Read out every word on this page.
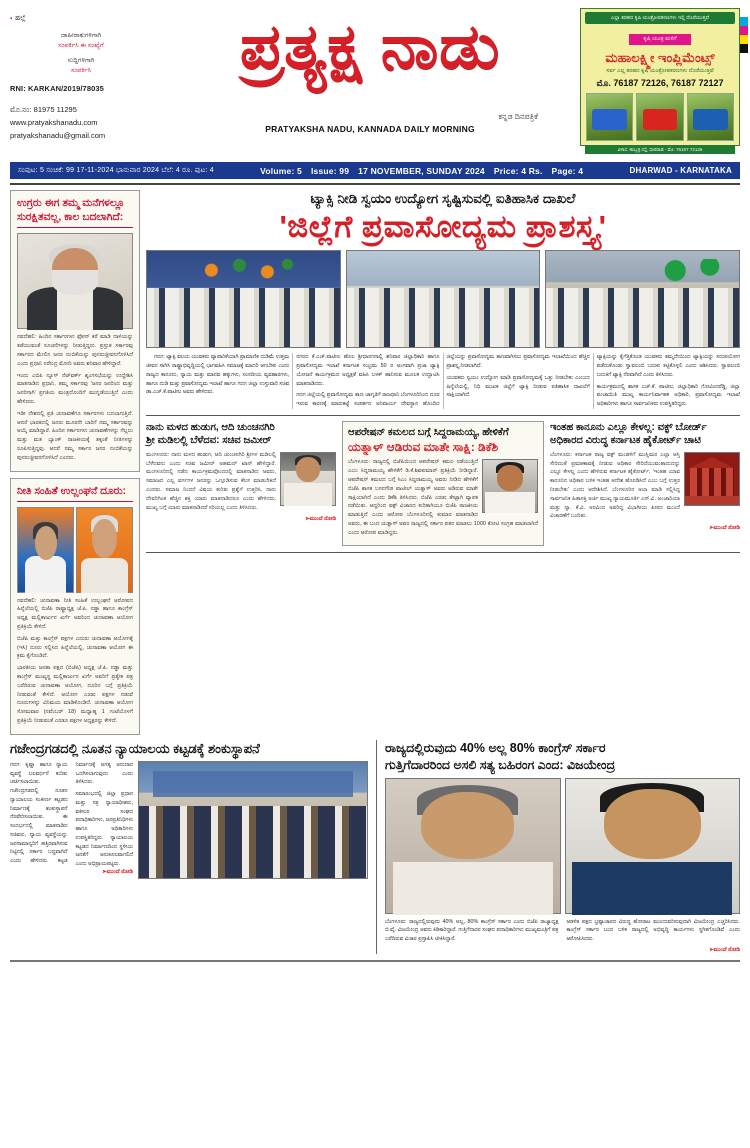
▪ ಹಲ್ಲೆ
ಜಾಹೀರಾತುಗಳಿಗಾಗಿ
ಸಂಪರ್ಕಿಸಿ ಈ ಸಂಖ್ಯೆಗೆ
ಸುದ್ದಿಗಳಿಗಾಗಿ
ಸಂಪರ್ಕಿಸಿ
RNI: KARKAN/2019/78035
ಮೊ.ನಂ: 81975 11295
www.pratyakshanadu.com
pratyakshanadu@gmail.com
ಪ್ರತ್ಯಕ್ಷ ನಾಡು
ಕನ್ನಡ ದಿನಪತ್ರಿಕೆ
PRATYAKSHA NADU, KANNADA DAILY MORNING
ಎಲ್ಲಾ ತರಹದ ಕೃಷಿ ಯಂತ್ರೋಪಕರಣಗಳು ಇಲ್ಲಿ ದೊರೆಯುತ್ತವೆ
ಕೃಷಿ ಯಂತ್ರ ಮಳಿಗೆ
ಮಹಾಲಕ್ಷ್ಮೀ ಇಂಪ್ಲಿಮೆಂಟ್ಸ್
ಸರ್ವ ಎಲ್ಲ ತರಹದ ಕೃಷಿ ಯಂತ್ರೋಪಕರಣಗಳು ದೊರೆಯುತ್ತವೆ
ಮೊ. 76187 72126, 76187 72127
ವಿಳಾಸ: ಹುಬ್ಬಳ್ಳಿ ರಸ್ತೆ, ಧಾರವಾಡ - ಮೊ: 76187 72126
ಸಂಪುಟ: 5 ಸಂಚಿಕೆ: 99 17-11-2024 ಭಾನುವಾರ 2024 ಬೆಲೆ: 4 ರೂ. ಪುಟ: 4	Volume: 5 Issue: 99 17 NOVEMBER, SUNDAY 2024 Price: 4 Rs. Page: 4	DHARWAD - KARNATAKA
ಉಗ್ರರು ಈಗ ತಮ್ಮ ಮನೆಗಳಲ್ಲೂ ಸುರಕ್ಷಿತವಲ್ಲ, ಕಾಲ ಬದಲಾಗಿದೆ:

ನವದೆಹಲಿ: ಹಿಂದಿನ ಸರ್ಕಾರಗಳು ಫೋನ್ ಕರೆ ಮಾಡಿ ದಾಳಿಯನ್ನು ತಡೆಯುವಂತೆ ಸೂಚನೆಗಳನ್ನು ನೀಡುತ್ತಿದ್ದರು. ಪ್ರಸ್ತುತ ಸರ್ಕಾರವು ಸರ್ಕಾರದ ಮೇಲಿನ ಜನರ ನಂಬಿಕೆಯನ್ನು ಪುನರುಜ್ಜೀವನಗೊಳಿಸಿದೆ ಎಂದು ಪ್ರಧಾನಿ ನರೇಂದ್ರ ಮೋದಿ ಅವರು ಶನಿವಾರ ಹೇಳಿದ್ದಾರೆ.

ಇಂದು ಎಬಿಪಿ ನ್ಯೂಸ್ ನೆಟ್‌ವರ್ಕ್ ಶೃಂಗಸಭೆಯನ್ನು ಉದ್ದೇಶಿಸಿ ಮಾತನಾಡಿದ ಪ್ರಧಾನಿ, ತಮ್ಮ ಸರ್ಕಾರವು 'ಜನರ ಜನರಿಂದ ಮತ್ತು ಜನರಿಗಾಗಿ' ಪ್ರಗತಿಯ ಮಂತ್ರದೊಂದಿಗೆ ಮುನ್ನಡೆಯುತ್ತಿದೆ ಎಂದು ಹೇಳಿದರು.

ಇಡೀ ದೇಶದಲ್ಲಿ ಪ್ರತಿ ಚುನಾವಣೆಗೂ ಸರ್ಕಾರಗಳು ಬದಲಾಗುತ್ತಿದೆ. ಆದರೆ ಭಾರತದಲ್ಲಿ ಜನರು ಮೂರನೇ ಬಾರಿಗೆ ನಮ್ಮ ಸರ್ಕಾರವನ್ನು ಆಯ್ಕೆ ಮಾಡಿದ್ದಾರೆ. ಹಿಂದಿನ ಸರ್ಕಾರಗಳು ಚುನಾವಣೆಗಳನ್ನು ಗೆಲ್ಲಲು ಮತ್ತು ಮತ ಬ್ಯಾಂಕ್ ರಾಜಕೀಯಕ್ಕೆ ತಕ್ಕಂತೆ ನೀತಿಗಳನ್ನು ರೂಪಿಸುತ್ತಿದ್ದವು. ಆದರೆ ನಮ್ಮ ಸರ್ಕಾರ ಜನರ ನಂಬಿಕೆಯನ್ನು ಪುನರುಜ್ಜೀವನಗೊಳಿಸಿದೆ ಎಂದರು.

ನೀತಿ ಸಂಹಿತೆ ಉಲ್ಲಂಘನೆ ದೂರು:

ನವದೆಹಲಿ: ಚುನಾವಣಾ ನೀತಿ ಸಂಹಿತೆ ಉಲ್ಲಂಘನೆ ಆರೋಪದ ಹಿನ್ನೆಲೆಯಲ್ಲಿ ಬಿಜೆಪಿ ರಾಷ್ಟ್ರಾಧ್ಯಕ್ಷ ಜೆ.ಪಿ. ನಡ್ಡಾ ಹಾಗೂ ಕಾಂಗ್ರೆಸ್ ಅಧ್ಯಕ್ಷ ಮಲ್ಲಿಕಾರ್ಜುನ ಖರ್ಗೆ ಅವರಿಂದ ಚುನಾವಣಾ ಆಯೋಗ ಪ್ರತಿಕ್ರಿಯೆ ಕೇಳಿದೆ.

ಬಿಜೆಪಿ ಮತ್ತು ಕಾಂಗ್ರೆಸ್ ಪಕ್ಷಗಳ ಎದುರು ಚುನಾವಣಾ ಆಯೋಗಕ್ಕೆ (ಇಸಿ) ದೂರು ಸಲ್ಲಿಸಿದ ಹಿನ್ನೆಲೆಯಲ್ಲಿ, ಚುನಾವಣಾ ಆಯೋಗ ಈ ಕ್ರಮ ಕೈಗೊಂಡಿದೆ.

ಭಾರತೀಯ ಜನತಾ ಪಕ್ಷದ (ಬಿಜೆಪಿ) ಅಧ್ಯಕ್ಷ ಜೆ.ಪಿ. ನಡ್ಡಾ ಮತ್ತು ಕಾಂಗ್ರೆಸ್ ಮುಖ್ಯಸ್ಥ ಮಲ್ಲಿಕಾರ್ಜುನ ಖರ್ಗೆ ಅವರಿಗೆ ಪ್ರತ್ಯೇಕ ಪತ್ರ ಬರೆದಿರುವ ಚುನಾವಣಾ ಆಯೋಗ, ದೂರಿನ ಬಗ್ಗೆ ಪ್ರತಿಕ್ರಿಯೆ ನೀಡುವಂತೆ ಕೇಳಿದೆ. ಆಯೋಗ ಎರಡು ಪಕ್ಷಗಳ ನಡುವೆ ದೂರುಗಳನ್ನು ವಿನಿಮಯ ಮಾಡಿಕೊಂಡಿದೆ. ಚುನಾವಣಾ ಆಯೋಗ ಸೋಮವಾರ (ನವೆಂಬರ್ 18) ಮಧ್ಯಾಹ್ನ 1 ಗಂಟೆಯೊಳಗೆ ಪ್ರತಿಕ್ರಿಯೆ ನೀಡುವಂತೆ ಎರಡೂ ಪಕ್ಷಗಳ ಅಧ್ಯಕ್ಷರನ್ನು ಕೇಳಿದೆ.

ಟ್ಯಾಕ್ಸಿ ನೀಡಿ ಸ್ವಯಂ ಉದ್ಯೋಗ ಸೃಷ್ಟಿಸುವಲ್ಲಿ ಐತಿಹಾಸಿಕ ದಾಖಲೆ
'ಜಿಲ್ಲೆಗೆ ಪ್ರವಾಸೋದ್ಯಮ ಪ್ರಾಶಸ್ತ್ಯ'

ಗದಗ: ಟ್ಯಾಕ್ಸಿ ವಲಯ ಯುವಕರು ವ್ಯಾಪಾರಿಕೆಯಾಗಿ ಪ್ರಾಮಾಣಿಕ ದುಡಿಮೆ ಉತ್ತಮ ಜೀವನ ಸಾಗಿಸಿ ರಾಷ್ಟ್ರಾಭಿವೃದ್ಧಿಯಲ್ಲಿ ಭಾಗವಹಿಸಿ ಸಮಾಜಕ್ಕೆ ಮಾದರಿ ಆಗಬೇಕು ಎಂದು ರಾಜ್ಯದ ಕಾನೂನು, ನ್ಯಾಯ ಮತ್ತು ಮಾನವ ಹಕ್ಕುಗಳು, ಸಂಸದೀಯ ವ್ಯವಹಾರಗಳು, ಹಾಗೂ ದುಡಿ ಮತ್ತು ಪ್ರವಾಸೋದ್ಯಮ ಇಲಾಖೆ ಹಾಗೂ ಗದಗ ಜಿಲ್ಲಾ ಉಸ್ತುವಾರಿ ಸಚಿವ ಡಾ.ಎಚ್.ಕೆ.ಪಾಟೀಲ ಅವರು ಹೇಳಿದರು.

ನಗರದ ಕೆ.ಎಚ್.ಪಾಟೀಲ ಹೊಲ ಶ್ರೀಧಾರಗನಾಲ್ಲಿ ಶನಿವಾರ ಜಿಲ್ಲಾಧಿಕಾರಿ ಹಾಗೂ ಪ್ರವಾಸೋದ್ಯಮ ಇಲಾಖೆ ಕರ್ನಾಟಕ ಸಂಭ್ರಮ 50 ರ ಅಂಗವಾಗಿ ಪ್ರಜಾ ಟ್ಯಾಕ್ಸಿ ಯೋಜನೆ ಕಾರ್ಯಕ್ರಮದ ಅಧ್ಯಕ್ಷತೆ ವಹಿಸಿ ಬಳಕ್ ಹಾನಿಸುವ ಮೂಲಕ ಉದ್ಘಾಟಿಸಿ ಮಾತನಾಡಿದರು.

ಗದಗ ಜಿಲ್ಲೆಯಲ್ಲಿ ಪ್ರವಾಸೋದ್ಯಮ ತಾಣ ಜಾಗೃತಿಗೆ ರಾಜಧಾನಿ ಬೆಂಗಳೂರಿನಿಂದ ದೂರ ಇರುವ ಕಾರಣಕ್ಕೆ ಮಾರುಕಟ್ಟೆ ಸಂಪರ್ಕದ ಅನಿವಾರ್ಯ ದೇವಸ್ಥಾನ ಹೊಂದಿದ ಜಿಲ್ಲೆಯನ್ನು ಪ್ರವಾಸೋದ್ಯಮ ತಾಣವಾಗಿಸಲು ಪ್ರವಾಸೋದ್ಯಮ ಇಲಾಖೆಯಿಂದ ಹೆಚ್ಚಿನ ಪ್ರಾಶಸ್ತ್ಯ ನೀಡಲಾಗಿದೆ.

ಯುವಕರು ಸ್ವಯಂ ಉದ್ಯೋಗ ಮಾಡಿ ಪ್ರವಾಸೋದ್ಯಮಕ್ಕೆ ಒತ್ತು ನೀಡಬೇಕು ಎಂಬುದ ಹಿನ್ನೆಲೆಯಲ್ಲಿ, ನಿಧಿ ಮುಖಕ ಜಿಲ್ಲೆಗೆ ಟ್ಯಾಕ್ಸಿ ನೀಡುವ ಐತಿಹಾಸಿಕ ದಾಖಲೆಗೆ ಸಾಕ್ಷಿಯಾಗಿದೆ.

ಟ್ಯಾಕ್ಸಿಯನ್ನು ಕೈಗೆತ್ತಿಕೊಂಡ ಯುವಕರು ತಮ್ಮದೇಯಿಂದ ಟ್ಯಾಕ್ಸಿಯನ್ನು ಸದುಪಯೋಗ ಪಡೆದುಕೊಂಡು ಸ್ವಾವಲಂಬಿ ಬದುಕು ಕಟ್ಟಿಕೊಳ್ಳಲಿ ಎಂದು ಆಶಿಸಿದರು. ಸ್ವಾವಲಂಬಿ ಬದುಕಿಗೆ ಟ್ಯಾಕ್ಸಿ ನೆರವಾಗಿದೆ ಎಂದು ತಿಳಿಸಿದರು.

ಕಾರ್ಯಕ್ರಮದಲ್ಲಿ ಶಾಸಕ ಎಚ್.ಕೆ. ಪಾಟೀಲ, ಜಿಲ್ಲಾಧಿಕಾರಿ ಗೋವಿಂದರೆಡ್ಡಿ, ಜಿಲ್ಲಾ ಪಂಚಾಯಿತಿ ಮುಖ್ಯ ಕಾರ್ಯನಿರ್ವಾಹಕ ಅಧಿಕಾರಿ, ಪ್ರವಾಸೋದ್ಯಮ ಇಲಾಖೆ ಅಧಿಕಾರಿಗಳು ಹಾಗೂ ಸಾರ್ವಜನಿಕರು ಉಪಸ್ಥಿತರಿದ್ದರು.

ನಾನು ಮಳದ ಹುಡುಗ, ಆದಿ ಚುಂಚನಗಿರಿ
ಶ್ರೀ ಮಡಿಲಲ್ಲಿ ಬೆಳೆದವ: ಸಚಿವ ಜಮೀರ್

ಮಂಗಳೂರು: ನಾನು ಮಳದ ಹುಡುಗ, ಆದಿ ಚುಂಚನಗಿರಿ ಶ್ರೀಗಳ ಮಡಿಲಲ್ಲಿ ಬೆಳೆದವನು ಎಂದು ಸಚಿವ ಜಮೀರ್ ಅಹಮದ್ ಖಾನ್ ಹೇಳಿದ್ದಾರೆ. ಮಂಗಳೂರಿನಲ್ಲಿ ನಡೆದ ಕಾರ್ಯಕ್ರಮವೊಂದರಲ್ಲಿ ಮಾತನಾಡಿದ ಅವರು, ಸಮಾಜದ ಎಲ್ಲ ವರ್ಗಗಳ ಜನರನ್ನು ಒಗ್ಗೂಡಿಸುವ ಕೆಲಸ ಮಾಡಬೇಕಿದೆ ಎಂದರು. ಸಮಾಜ ನಿಂದನೆ ವಿಷಯ ಕುರಿತು ಪ್ರಶ್ನೆಗೆ ಉತ್ತರಿಸಿ, ನಾನು ದೇವರಿಗಿಂತ ಹೆಚ್ಚಿನ ಶಕ್ತಿ ಯಾರು ಮಾತನಾಡಿದರೂ ಎಂದು ಹೇಳಿದರು. ಮುಖ್ಯ ಬಗ್ಗೆ ಯಾರು ಮಾತನಾಡಿದರೆ ಸರಿಯಲ್ಲ ಎಂದು ತಿಳಿಸಿದರು.

➤ ಮುಂದೆ ನೋಡಿ
ಆಪರೇಷನ್ ಕಮಲದ ಬಗ್ಗೆ ಸಿದ್ದರಾಮಯ್ಯ, ಹೇಳಿಕೆಗೆ
ಯತ್ನಾಳ್ ಆಡಿರುವ ಮಾತೇ ಸಾಕ್ಷಿ: ಡಿಕೆಶಿ

ಬೆಂಗಳೂರು: ರಾಜ್ಯದಲ್ಲಿ ಬಿಜೆಪಿಯಿಂದ ಆಪರೇಷನ್ ಕಮಲ ನಡೆಯುತ್ತಿದೆ ಎಂಬ ಸಿದ್ದರಾಮಯ್ಯ ಹೇಳಿಕೆಗೆ ಡಿ.ಕೆ.ಶಿವಕುಮಾರ್ ಪ್ರತಿಕ್ರಿಯೆ ನೀಡಿದ್ದಾರೆ. ಆಪರೇಷನ್ ಕಮಲದ ಬಗ್ಗೆ ಸಿಎಂ ಸಿದ್ದರಾಮಯ್ಯ ಅವರು ನೀಡಿದ ಹೇಳಿಕೆಗೆ ಬಿಜೆಪಿ ಶಾಸಕ ಬಸನಗೌಡ ಪಾಟೀಲ್ ಯತ್ನಾಳ್ ಅವರು ಆಡಿರುವ ಮಾತೇ ಸಾಕ್ಷಿಯಾಗಿದೆ ಎಂದು ಡಿಕೆಶಿ ತಿಳಿಸಿದರು. ಬಿಜೆಪಿ ಎರಡು ತೇಟ್ಟಾಗಿ ವ್ಯಾಪಕ ನಡೆಯಿತು. ಆದ್ದರಿಂದ ವಕ್ಫ್ ವಿಚಾರದ ಕುರಿತಾಗಿಯೂ ಬಿಜೆಪಿ ರಾಜಕೀಯ ಮಾಡುತ್ತಿದೆ ಎಂದು ಆರೋಪ ಬೆಂಗಳೂರಿನಲ್ಲಿ ಕುಮಾರ ಮಾತನಾಡಿದ ಅವರು, ಈ ಬಂದ ಯತ್ನಾಳ್ ಅವರ ರಾಜ್ಯದಲ್ಲಿ ಸರ್ಕಾರ ಪತನ ಮಾಡಲು 1000 ಕೋಟಿ ಸಂಗ್ರಹ ಮಾಡಲಾಗಿದೆ ಎಂದು ಆರೋಪ ಮಾಡಿದ್ದರು.

ಇಂತಹ ಕಾನೂನು ಎಲ್ಲೂ ಕೇಳಲ್ಲ: ವಕ್ಫ್ ಬೋರ್ಡ್
ಅಧಿಕಾರದ ವಿರುದ್ಧ ಕರ್ನಾಟಕ ಹೈಕೋರ್ಟ್ ಚಾಟಿ

ಬೆಂಗಳೂರು: ಕರ್ನಾಟಕ ರಾಜ್ಯ ವಕ್ಫ್ ಮಂಡಳಿಗೆ ಮುಸ್ಲಿಮರ ಎಲ್ಲಾ ಆಸ್ತಿ ಸೇರಿದಂತೆ ಪ್ರಮಾಣಾವಕ್ಕೆ ನೀಡುವ ಅಧಿಕಾರ ಸೇರಿದೆಯುವಂತಾದುದನ್ನು ಎಲ್ಲೂ ಕೇಳಲ್ಲ ಎಂದು ಹೇಳಿರುವ ಕರ್ನಾಟಕ ಹೈಕೋರ್ಟ್, 'ಇಂತಹ ಯಾವ ಕಾನೂನಿನ ಅಧಿಕಾರ ಬಳಿಕ ಇಂತಹ ಆದೇಶ ಹೊರಡಿಸಿದೆ ಎಂಬ ಬಗ್ಗೆ ಉತ್ತರ ನೀಡಬೇಕು' ಎಂದು ಆದೇಶಿಸಿದೆ. ಬೆಂಗಳೂರಿನ ಅಲಾ ಮಾಡಿ ಸಲ್ಲಿಸಿದ್ದ ಸಾರ್ವಜನಿಕ ಹಿತಾಸಕ್ತಿ ಅರ್ಜಿ ಮುಖ್ಯ ನ್ಯಾಯಮೂರ್ತಿ ಎನ್.ವಿ. ಅಂಜಾರಿಯಾ ಮತ್ತು ನ್ಯಾ. ಕೆ.ವಿ. ಅರವಿಂದ ಅವರಿದ್ದ ವಿಭಾಗೀಯ ಪೀಠದ ಮುಂದೆ ವಿಚಾರಣೆಗೆ ಬಂದಿತು.

➤ ಮುಂದೆ ನೋಡಿ
ಗಜೇಂದ್ರಗಡದಲ್ಲಿ ನೂತನ ನ್ಯಾಯಾಲಯ ಕಟ್ಟಡಕ್ಕೆ ಶಂಕುಸ್ಥಾಪನೆ

ಗದಗ: ಕೃಷ್ಣಾ ಹಾಗೂ ನ್ಯಾಯ ವ್ಯವಸ್ಥೆ ಬಲವರ್ಧನೆ ಕುರಿತು ಚರ್ಚಿಸಲಾಯಿತು. ಗಜೇಂದ್ರಗಡದಲ್ಲಿ ನೂತನ ನ್ಯಾಯಾಲಯ ಸಂಕೀರ್ಣ ಕಟ್ಟಡದ ನಿರ್ಮಾಣಕ್ಕೆ ಶಂಕುಸ್ಥಾಪನೆ ನೆರವೇರಿಸಲಾಯಿತು. ಈ ಸಂದರ್ಭದಲ್ಲಿ ಮಾತನಾಡಿದ ಸಚಿವರು, ನ್ಯಾಯ ವ್ಯವಸ್ಥೆಯನ್ನು ಜನಸಾಮಾನ್ಯರಿಗೆ ಹತ್ತಿರವಾಗಿಸುವ ನಿಟ್ಟಿನಲ್ಲಿ ಸರ್ಕಾರ ಬದ್ಧವಾಗಿದೆ ಎಂದು ಹೇಳಿದರು. ಕಟ್ಟಡ ನಿರ್ಮಾಣಕ್ಕೆ ಅಗತ್ಯ ಅನುದಾನ ಒದಗಿಸಲಾಗುವುದು ಎಂದು ತಿಳಿಸಿದರು.

ಸಮಾರಂಭದಲ್ಲಿ ಜಿಲ್ಲಾ ಪ್ರಧಾನ ಮತ್ತು ಸತ್ರ ನ್ಯಾಯಾಧೀಶರು, ವಕೀಲರ ಸಂಘದ ಪದಾಧಿಕಾರಿಗಳು, ಜನಪ್ರತಿನಿಧಿಗಳು ಹಾಗೂ ಅಧಿಕಾರಿಗಳು ಉಪಸ್ಥಿತರಿದ್ದರು. ನ್ಯಾಯಾಲಯ ಕಟ್ಟಡದ ನಿರ್ಮಾಣದಿಂದ ಸ್ಥಳೀಯ ಜನತೆಗೆ ಅನುಕೂಲವಾಗಲಿದೆ ಎಂದು ಅಭಿಪ್ರಾಯಪಟ್ಟರು.

➤ ಮುಂದೆ ನೋಡಿ
ರಾಜ್ಯದಲ್ಲಿರುವುದು 40% ಅಲ್ಲ 80% ಕಾಂಗ್ರೆಸ್ ಸರ್ಕಾರ
ಗುತ್ತಿಗೆದಾರರಿಂದ ಅಸಲಿ ಸತ್ಯ ಬಹಿರಂಗ ಎಂದ: ವಿಜಯೇಂದ್ರ

ಬೆಂಗಳೂರು: ರಾಜ್ಯದಲ್ಲಿರುವುದು 40% ಅಲ್ಲ, 80% ಕಾಂಗ್ರೆಸ್ ಸರ್ಕಾರ ಎಂದು ಬಿಜೆಪಿ ರಾಜ್ಯಾಧ್ಯಕ್ಷ ಬಿ.ವೈ. ವಿಜಯೇಂದ್ರ ಅವರು ಕಿಡಿಕಾರಿದ್ದಾರೆ. ಗುತ್ತಿಗೆದಾರರ ಸಂಘದ ಪದಾಧಿಕಾರಿಗಳು ಮುಖ್ಯಮಂತ್ರಿಗೆ ಪತ್ರ ಬರೆದಿರುವ ವಿಚಾರ ಪ್ರಸ್ತಾಪಿಸಿ ಟೀಕಿಸಿದ್ದಾರೆ.

ಆಡಳಿತ ಪಕ್ಷದ ಭ್ರಷ್ಟಾಚಾರದ ವಿರುದ್ಧ ಹೋರಾಟ ಮುಂದುವರಿಸುವುದಾಗಿ ವಿಜಯೇಂದ್ರ ಎಚ್ಚರಿಸಿದರು. ಕಾಂಗ್ರೆಸ್ ಸರ್ಕಾರ ಬಂದ ಬಳಿಕ ರಾಜ್ಯದಲ್ಲಿ ಅಭಿವೃದ್ಧಿ ಕಾರ್ಯಗಳು ಸ್ಥಗಿತಗೊಂಡಿವೆ ಎಂದು ಆರೋಪಿಸಿದರು.

➤ ಮುಂದೆ ನೋಡಿ
